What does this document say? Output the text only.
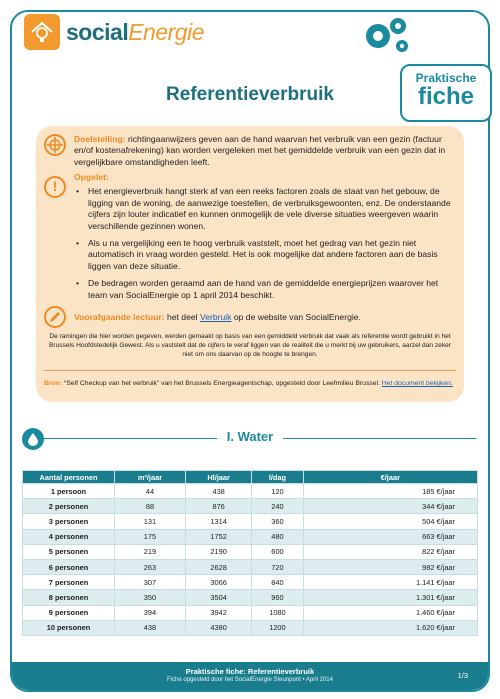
socialEnergie
Praktische
fiche
Referentieverbruik
Doelstelling: richtingaanwijzers geven aan de hand waarvan het verbruik van een gezin (factuur en/of kostenafrekening) kan worden vergeleken met het gemiddelde verbruik van een gezin dat in vergelijkbare omstandigheden leeft.
!
Opgelet:
• Het energieverbruik hangt sterk af van een reeks factoren zoals de staat van het gebouw, de ligging van de woning, de aanwezige toestellen, de verbruiksgewoonten, enz. De onderstaande cijfers zijn louter indicatief en kunnen onmogelijk de vele diverse situaties weergeven waarin verschillende gezinnen wonen.
• Als u na vergelijking een te hoog verbruik vaststelt, moet het gedrag van het gezin niet automatisch in vraag worden gesteld. Het is ook mogelijke dat andere factoren aan de basis liggen van deze situatie.
• De bedragen worden geraamd aan de hand van de gemiddelde energieprijzen waarover het team van SocialEnergie op 1 april 2014 beschikt.
Voorafgaande lectuur: het deel Verbruik op de website van SocialEnergie.
De ramingen die hier worden gegeven, werden gemaakt op basis van een gemiddeld verbruik dat vaak als referentie wordt gebruikt in het Brussels Hoofdstedelijk Gewest. Als u vaststelt dat de cijfers te veraf liggen van de realiteit die u merkt bij uw gebruikers, aarzel dan zeker niet om ons daarvan op de hoogte te brengen.
Bron: “Self Checkup van het verbruik” van het Brussels Energieagentschap, opgesteld door Leefmilieu Brussel. Het document bekijken.
I. Water
Aantal personen	m³/jaar	Hl/jaar	l/dag	€/jaar
1 persoon	44	438	120	185 €/jaar
2 personen	88	876	240	344 €/jaar
3 personen	131	1314	360	504 €/jaar
4 personen	175	1752	480	663 €/jaar
5 personen	219	2190	600	822 €/jaar
6 personen	263	2628	720	982 €/jaar
7 personen	307	3066	840	1.141 €/jaar
8 personen	350	3504	960	1.301 €/jaar
9 personen	394	3942	1080	1.460 €/jaar
10 personen	438	4380	1200	1.620 €/jaar
Praktische fiche: Referentieverbruik
Fiche opgesteld door het SocialEnergie Steunpunt • April 2014	1/3
